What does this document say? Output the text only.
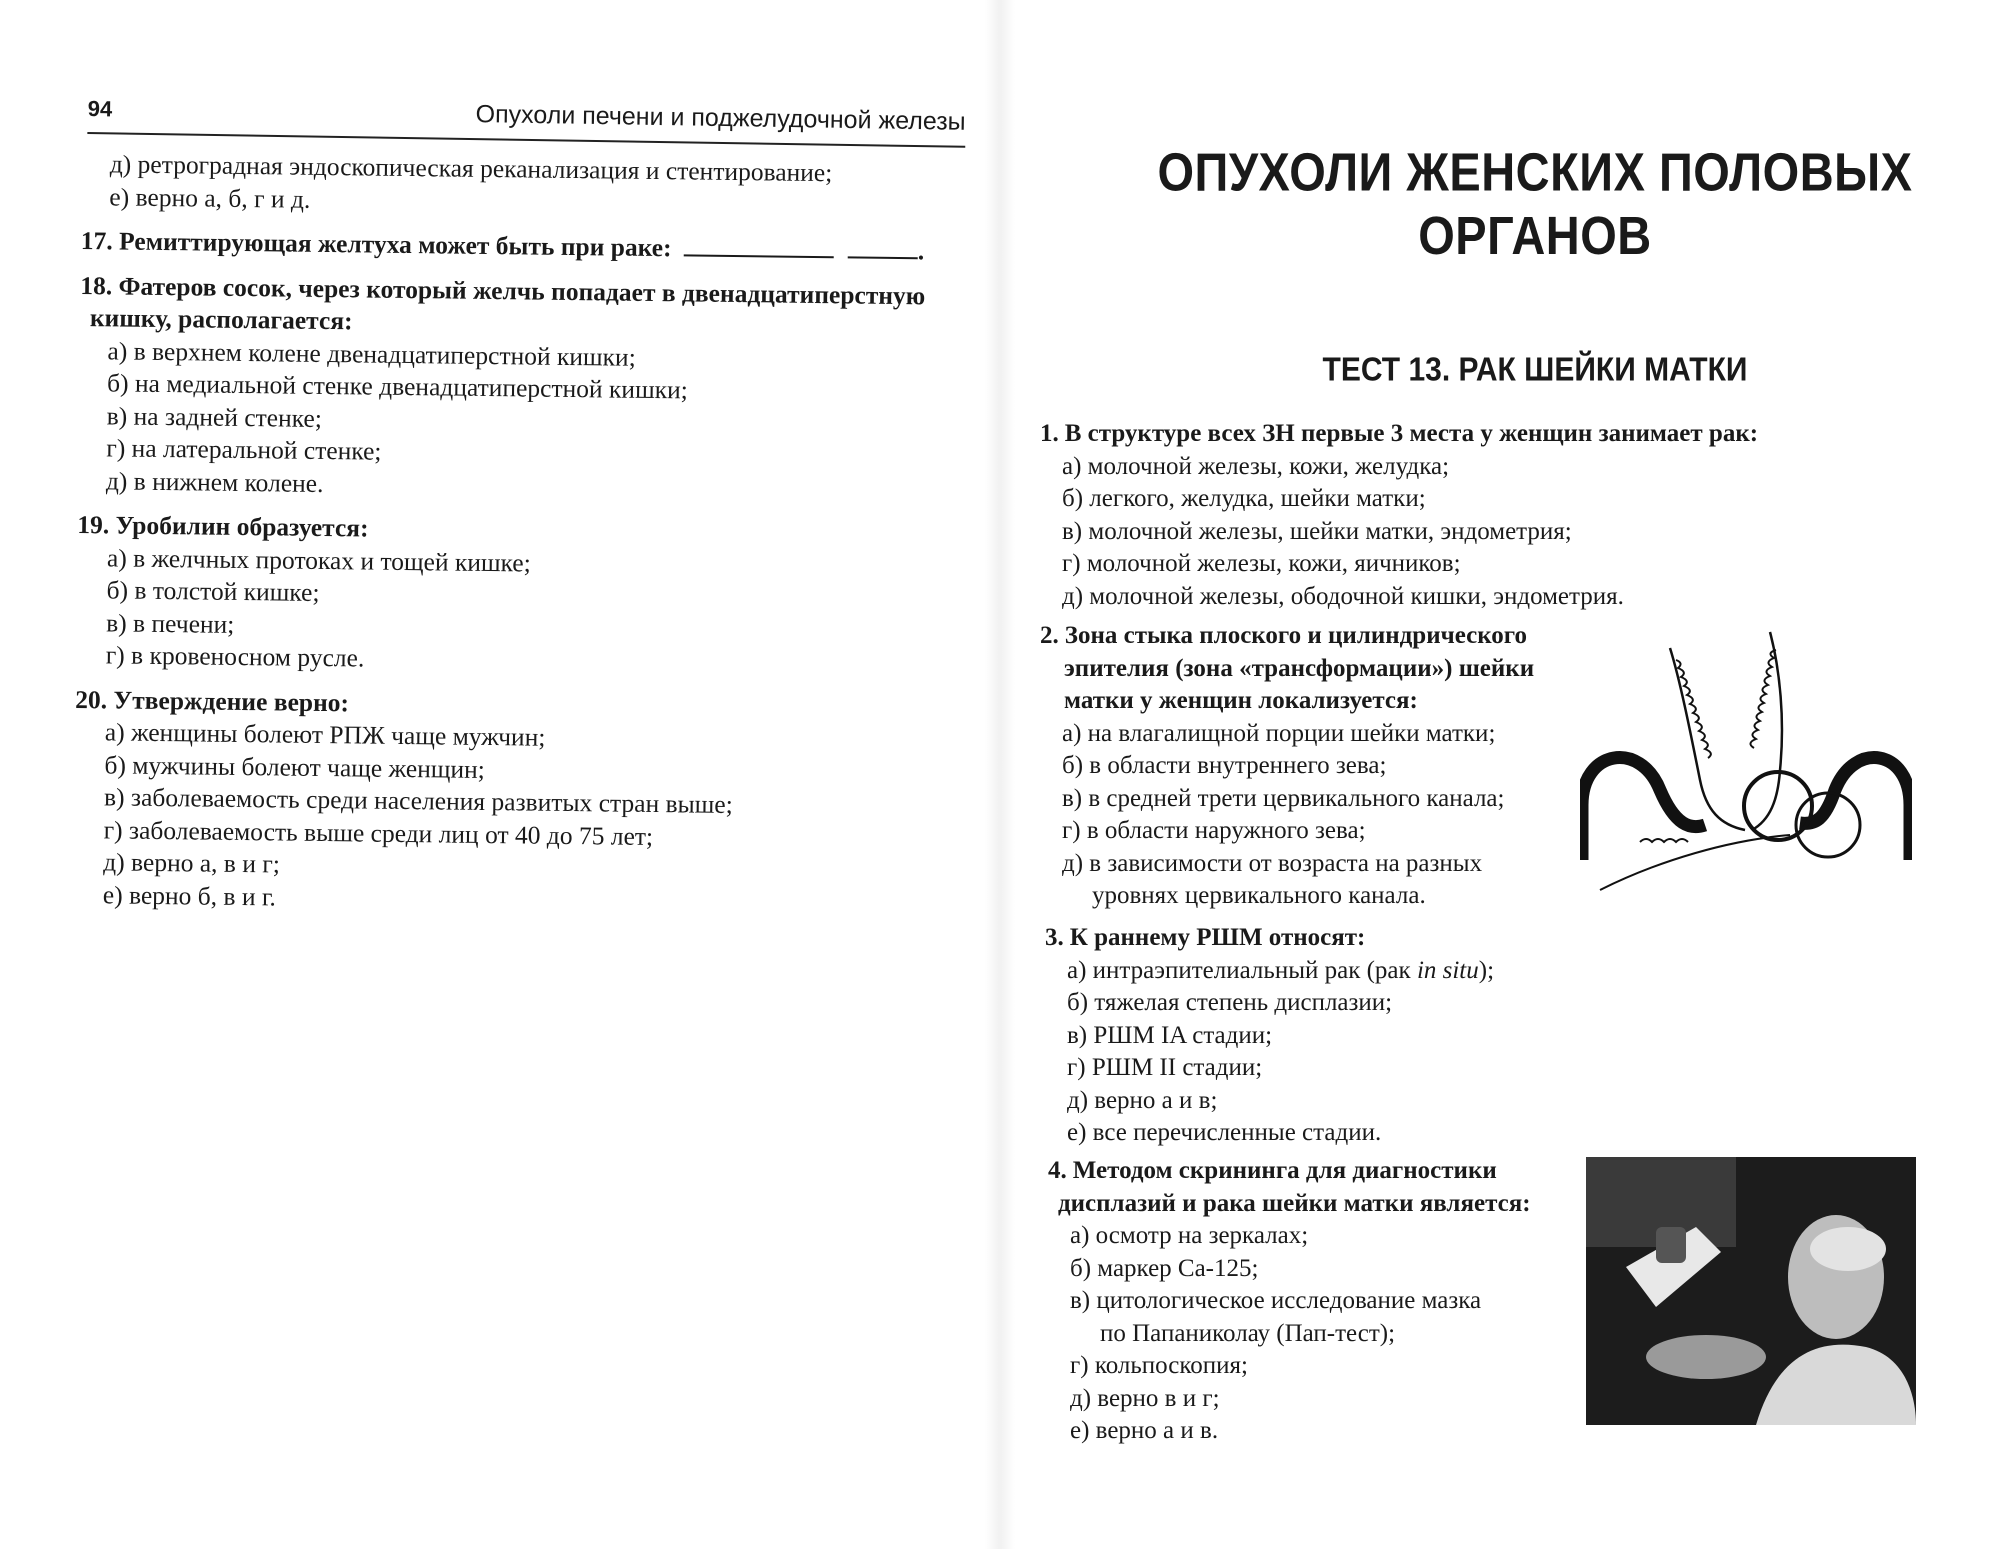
94	Опухоли печени и поджелудочной железы
д) ретроградная эндоскопическая реканализация и стентирование;
е) верно а, б, г и д.
17. Ремиттирующая желтуха может быть при раке:	.
18. Фатеров сосок, через который желчь попадает в двенадцатиперстную
кишку, располагается:
а) в верхнем колене двенадцатиперстной кишки;
б) на медиальной стенке двенадцатиперстной кишки;
в) на задней стенке;
г) на латеральной стенке;
д) в нижнем колене.
19. Уробилин образуется:
а) в желчных протоках и тощей кишке;
б) в толстой кишке;
в) в печени;
г) в кровеносном русле.
20. Утверждение верно:
а) женщины болеют РПЖ чаще мужчин;
б) мужчины болеют чаще женщин;
в) заболеваемость среди населения развитых стран выше;
г) заболеваемость выше среди лиц от 40 до 75 лет;
д) верно а, в и г;
е) верно б, в и г.
ОПУХОЛИ ЖЕНСКИХ ПОЛОВЫХ ОРГАНОВ
ТЕСТ 13. РАК ШЕЙКИ МАТКИ
1. В структуре всех ЗН первые 3 места у женщин занимает рак:
а) молочной железы, кожи, желудка;
б) легкого, желудка, шейки матки;
в) молочной железы, шейки матки, эндометрия;
г) молочной железы, кожи, яичников;
д) молочной железы, ободочной кишки, эндометрия.
2. Зона стыка плоского и цилиндрического
эпителия (зона «трансформации») шейки
матки у женщин локализуется:
а) на влагалищной порции шейки матки;
б) в области внутреннего зева;
в) в средней трети цервикального канала;
г) в области наружного зева;
д) в зависимости от возраста на разных
уровнях цервикального канала.
3. К раннему РШМ относят:
а) интраэпителиальный рак (рак in situ);
б) тяжелая степень дисплазии;
в) РШМ IA стадии;
г) РШМ II стадии;
д) верно а и в;
е) все перечисленные стадии.
4. Методом скрининга для диагностики
дисплазий и рака шейки матки является:
а) осмотр на зеркалах;
б) маркер Са-125;
в) цитологическое исследование мазка
по Папаниколау (Пап-тест);
г) кольпоскопия;
д) верно в и г;
е) верно а и в.
